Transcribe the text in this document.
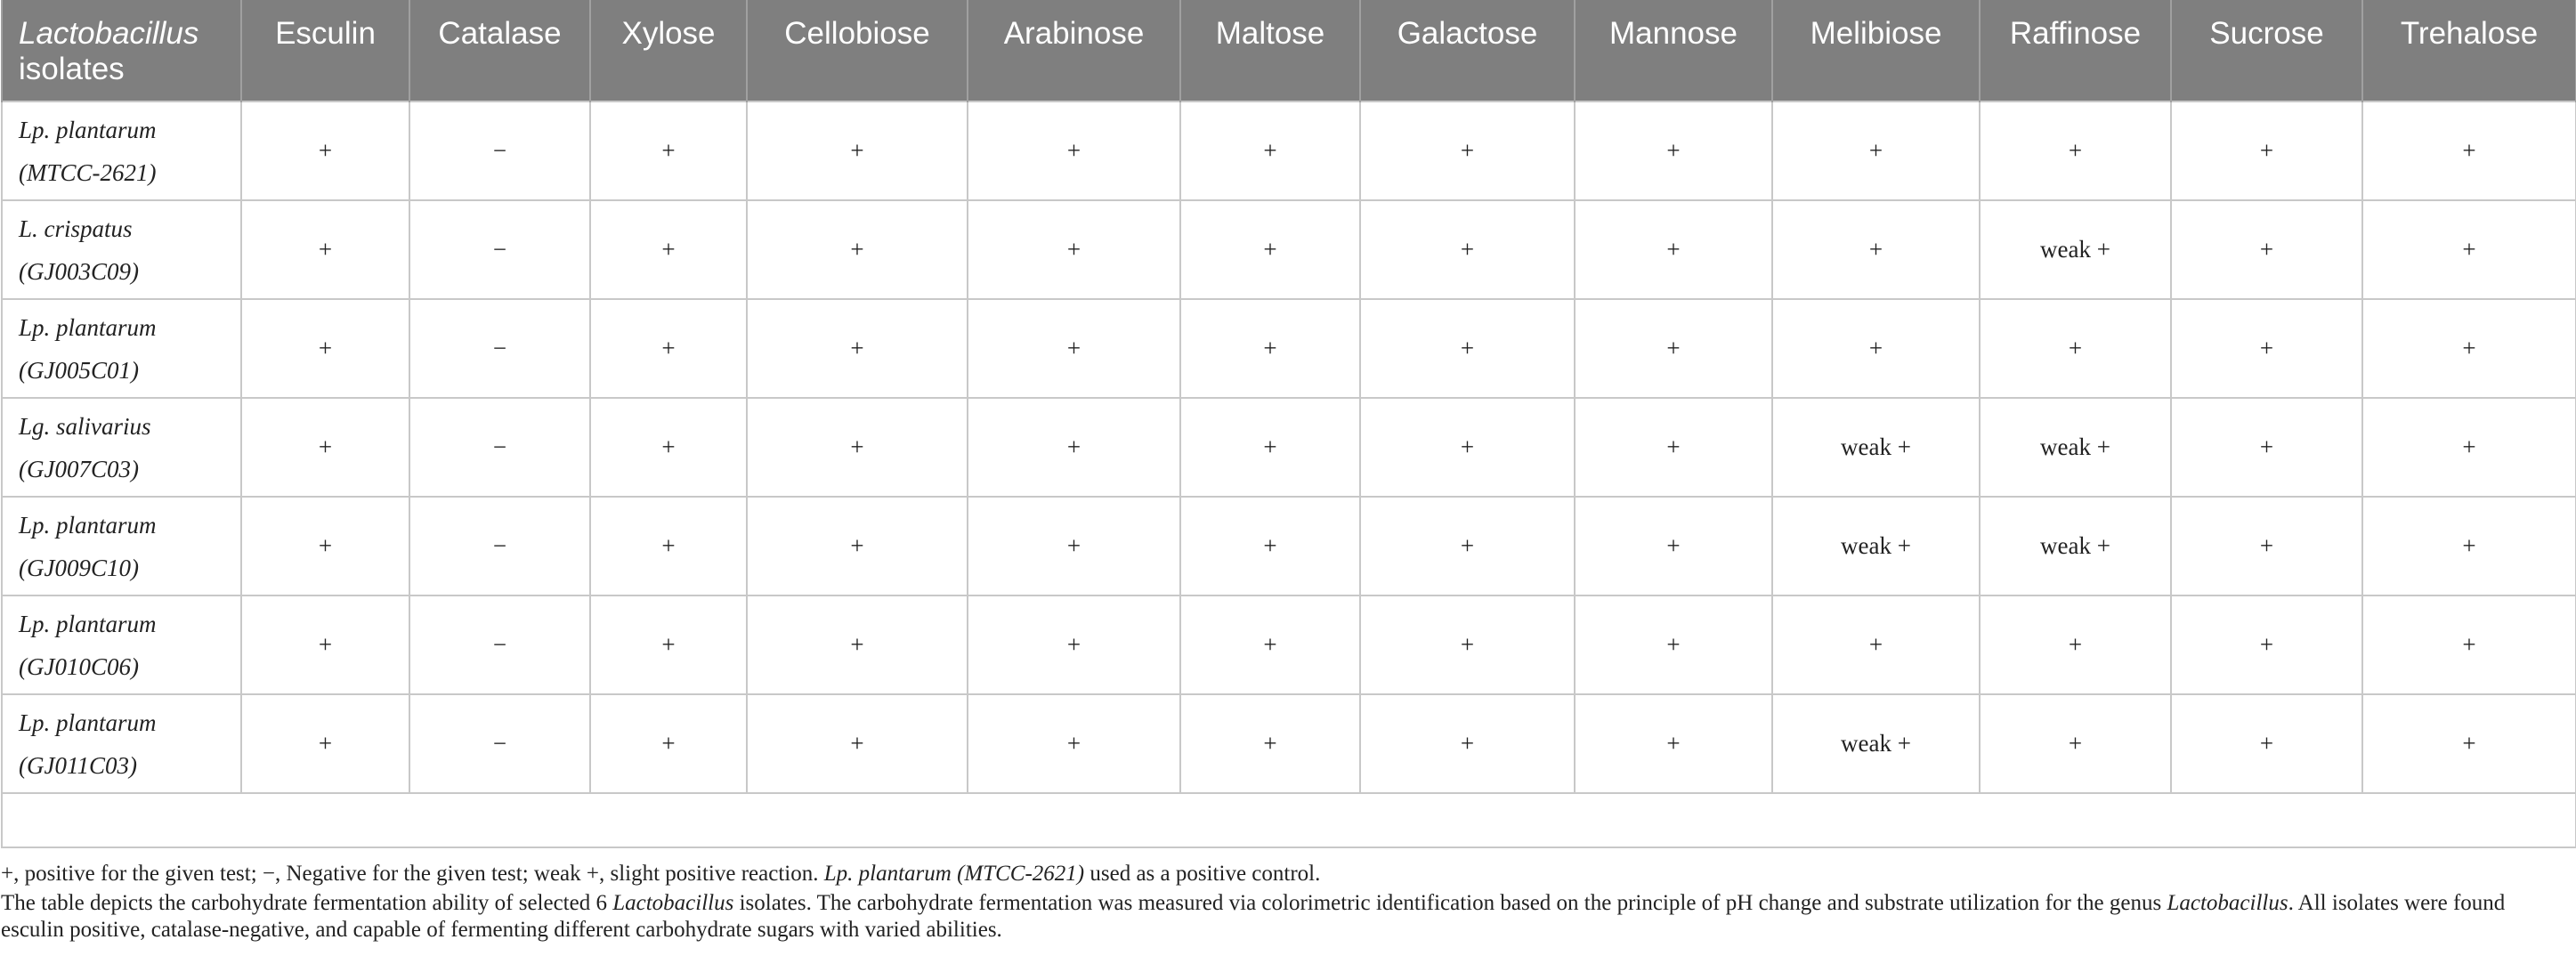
Lactobacillus
isolates	Esculin	Catalase	Xylose	Cellobiose	Arabinose	Maltose	Galactose	Mannose	Melibiose	Raffinose	Sucrose	Trehalose

Lp. plantarum
(MTCC-2621)	+	−	+	+	+	+	+	+	+	+	+	+

L. crispatus
(GJ003C09)	+	−	+	+	+	+	+	+	+	weak +	+	+

Lp. plantarum
(GJ005C01)	+	−	+	+	+	+	+	+	+	+	+	+

Lg. salivarius
(GJ007C03)	+	−	+	+	+	+	+	+	weak +	weak +	+	+

Lp. plantarum
(GJ009C10)	+	−	+	+	+	+	+	+	weak +	weak +	+	+

Lp. plantarum
(GJ010C06)	+	−	+	+	+	+	+	+	+	+	+	+

Lp. plantarum
(GJ011C03)	+	−	+	+	+	+	+	+	weak +	+	+	+

+, positive for the given test; −, Negative for the given test; weak +, slight positive reaction. Lp. plantarum (MTCC-2621) used as a positive control.

The table depicts the carbohydrate fermentation ability of selected 6 Lactobacillus isolates. The carbohydrate fermentation was measured via colorimetric identification based on the principle of pH change and substrate utilization for the genus Lactobacillus. All isolates were found esculin positive, catalase-negative, and capable of fermenting different carbohydrate sugars with varied abilities.
